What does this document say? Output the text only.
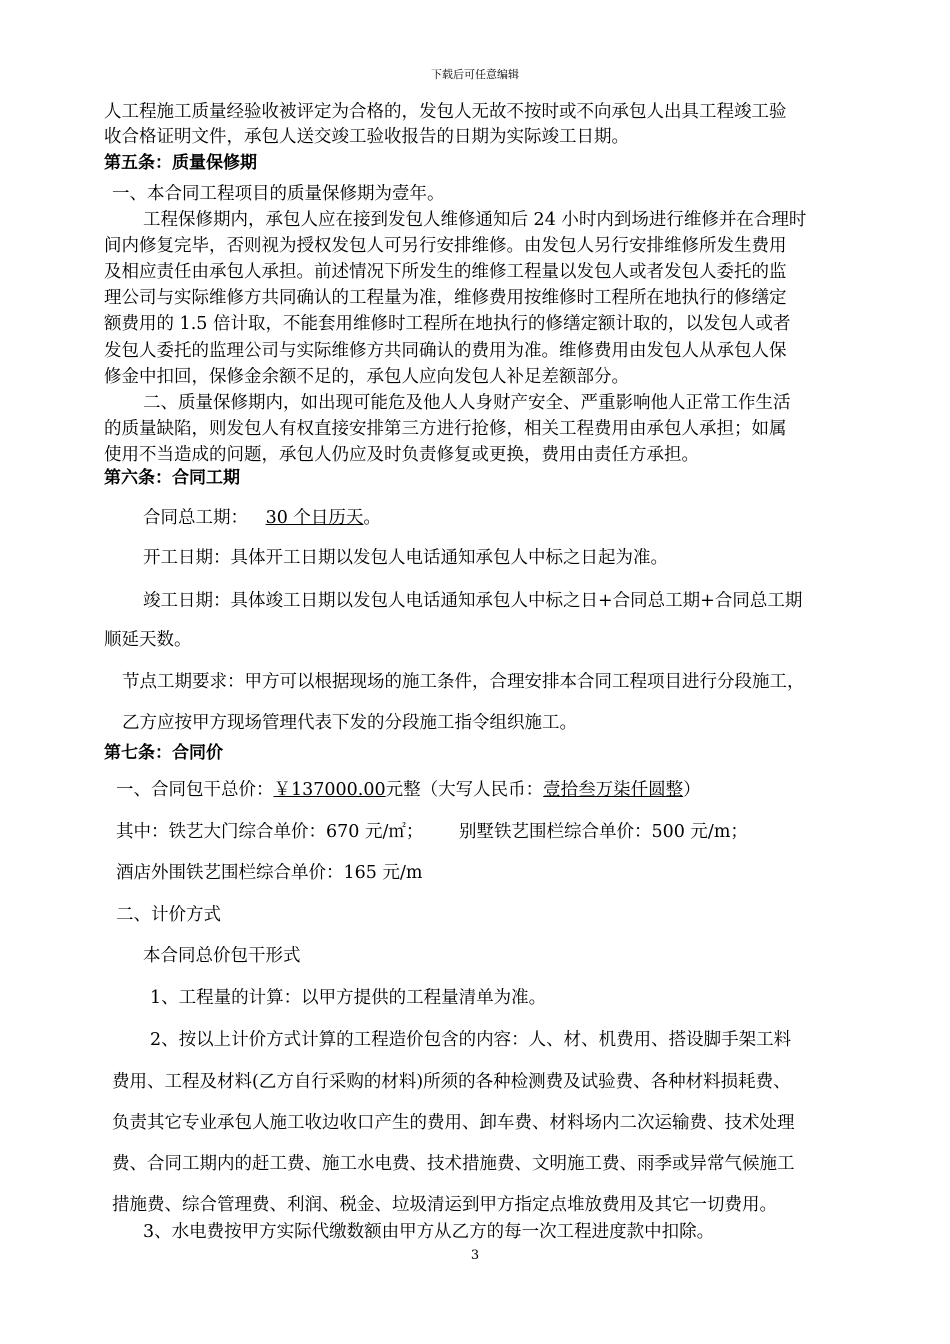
下载后可任意编辑
人工程施工质量经验收被评定为合格的，发包人无故不按时或不向承包人出具工程竣工验
收合格证明文件，承包人送交竣工验收报告的日期为实际竣工日期。
第五条：质量保修期
一、本合同工程项目的质量保修期为壹年。
工程保修期内，承包人应在接到发包人维修通知后 24 小时内到场进行维修并在合理时
间内修复完毕，否则视为授权发包人可另行安排维修。由发包人另行安排维修所发生费用
及相应责任由承包人承担。前述情况下所发生的维修工程量以发包人或者发包人委托的监
理公司与实际维修方共同确认的工程量为准，维修费用按维修时工程所在地执行的修缮定
额费用的 1.5 倍计取，不能套用维修时工程所在地执行的修缮定额计取的，以发包人或者
发包人委托的监理公司与实际维修方共同确认的费用为准。维修费用由发包人从承包人保
修金中扣回，保修金余额不足的，承包人应向发包人补足差额部分。
二、质量保修期内，如出现可能危及他人人身财产安全、严重影响他人正常工作生活
的质量缺陷，则发包人有权直接安排第三方进行抢修，相关工程费用由承包人承担；如属
使用不当造成的问题，承包人仍应及时负责修复或更换，费用由责任方承担。
第六条：合同工期
合同总工期： 30 个日历天。
开工日期：具体开工日期以发包人电话通知承包人中标之日起为准。
竣工日期：具体竣工日期以发包人电话通知承包人中标之日+合同总工期+合同总工期
顺延天数。
节点工期要求：甲方可以根据现场的施工条件，合理安排本合同工程项目进行分段施工，
乙方应按甲方现场管理代表下发的分段施工指令组织施工。
第七条：合同价
一、合同包干总价：￥137000.00元整（大写人民币：壹拾叁万柒仟圆整）
其中：铁艺大门综合单价：670 元/㎡； 别墅铁艺围栏综合单价：500 元/m；
酒店外围铁艺围栏综合单价：165 元/m
二、计价方式
本合同总价包干形式
1、工程量的计算：以甲方提供的工程量清单为准。
2、按以上计价方式计算的工程造价包含的内容：人、材、机费用、搭设脚手架工料
费用、工程及材料(乙方自行采购的材料)所须的各种检测费及试验费、各种材料损耗费、
负责其它专业承包人施工收边收口产生的费用、卸车费、材料场内二次运输费、技术处理
费、合同工期内的赶工费、施工水电费、技术措施费、文明施工费、雨季或异常气候施工
措施费、综合管理费、利润、税金、垃圾清运到甲方指定点堆放费用及其它一切费用。
3、水电费按甲方实际代缴数额由甲方从乙方的每一次工程进度款中扣除。
3
